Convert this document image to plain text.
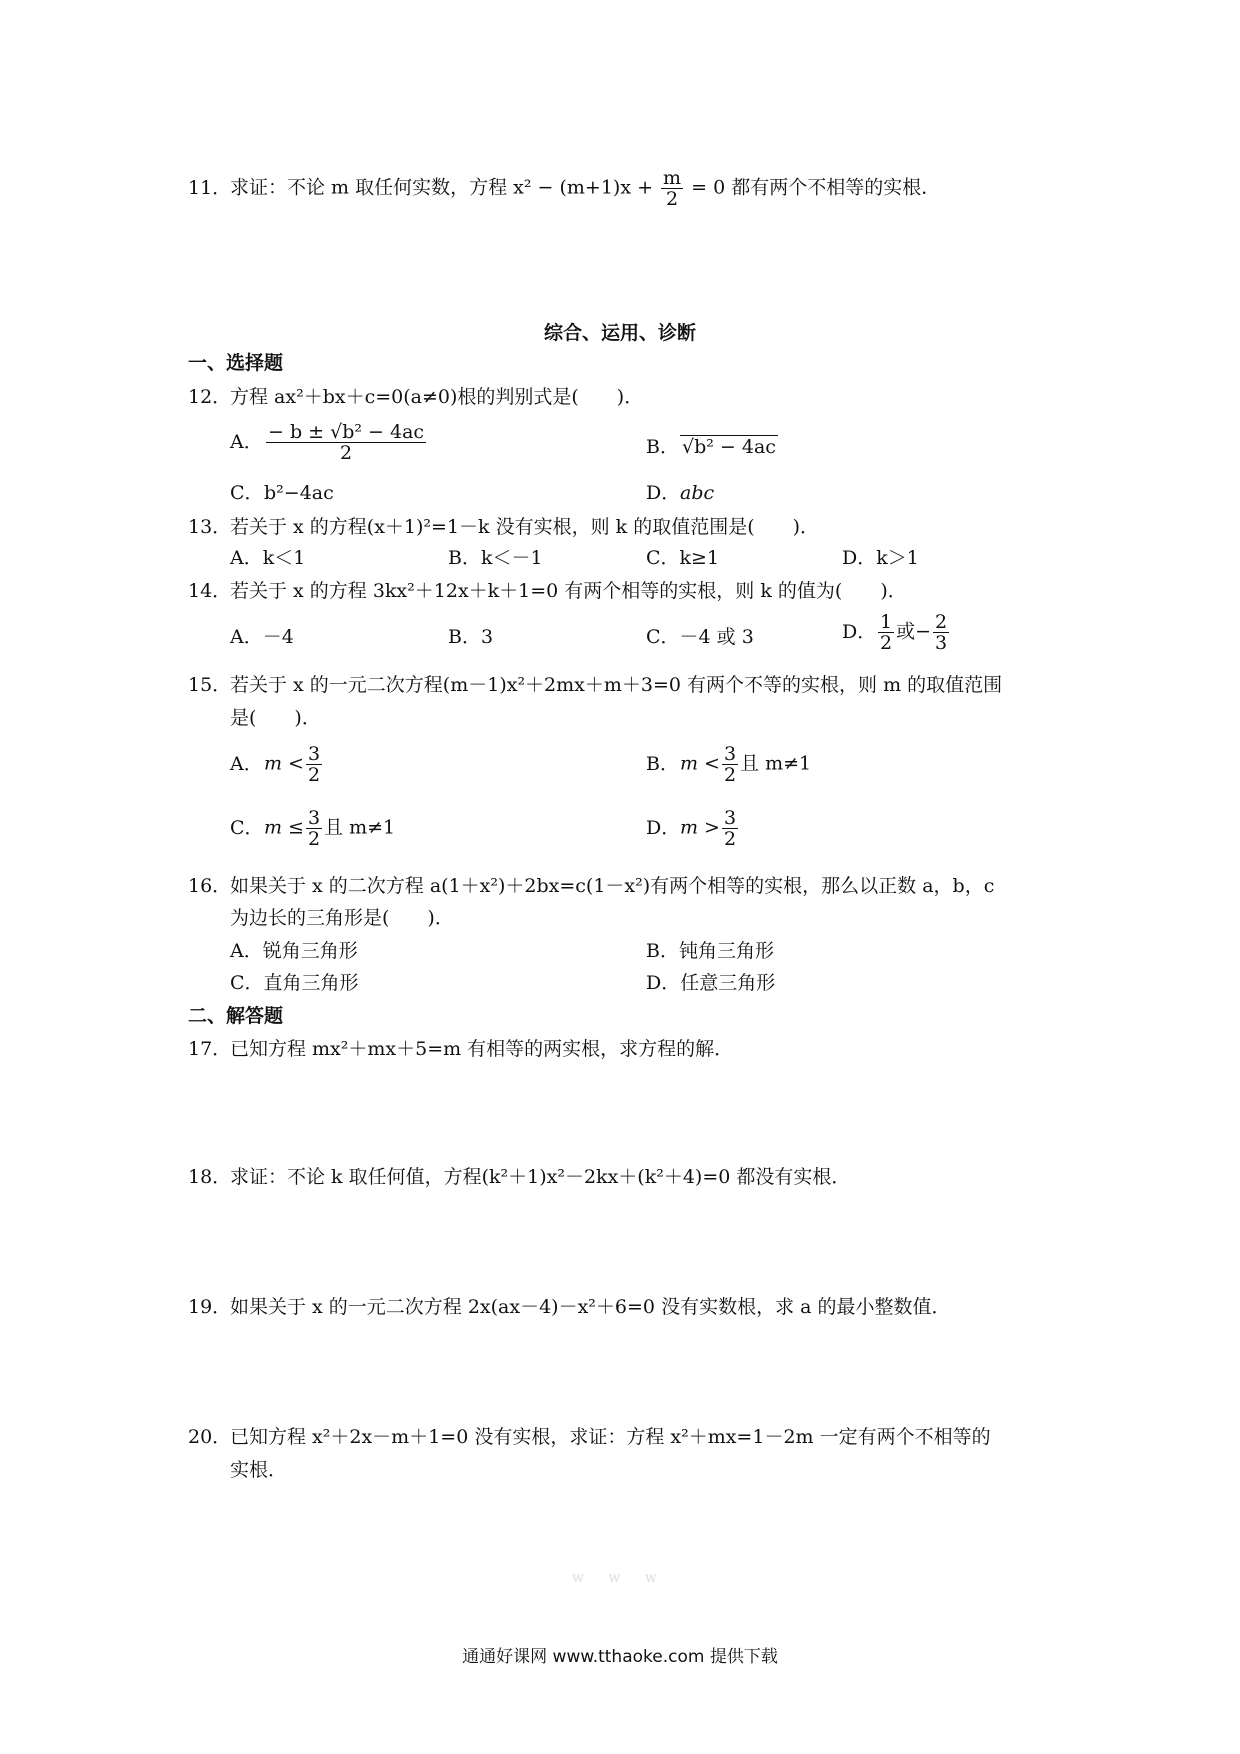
11．求证：不论 m 取任何实数，方程 $x^2 - (m+1)x + \frac{m}{2} = 0$ 都有两个不相等的实根．
综合、运用、诊断
一、选择题
12．方程 ax²＋bx＋c=0(a≠0)根的判别式是(　　)．
A． $\frac{\text{− b ± √b² − 4ac}}{2}$	B． √b² − 4ac
C．b²−4ac	D．abc
13．若关于 x 的方程(x＋1)²=1－k 没有实根，则 k 的取值范围是(　　)．
A．k＜1	B．k＜－1	C．k≥1	D．k＞1
14．若关于 x 的方程 3kx²＋12x＋k＋1=0 有两个相等的实根，则 k 的值为(　　)．
A．－4	B．3	C．－4 或 3	D． $\frac{1}{2}$ 或− $\frac{2}{3}$
15．若关于 x 的一元二次方程(m－1)x²＋2mx＋m＋3=0 有两个不等的实根，则 m 的取值范围
是(　　)．
A．$m < \frac{3}{2}$	B．$m < \frac{3}{2}$ 且 m≠1
C．$m \le \frac{3}{2}$ 且 m≠1	D．$m > \frac{3}{2}$
16．如果关于 x 的二次方程 a(1＋x²)＋2bx=c(1－x²)有两个相等的实根，那么以正数 a，b，c
为边长的三角形是(　　)．
A．锐角三角形	B．钝角三角形
C．直角三角形	D．任意三角形
二、解答题
17．已知方程 mx²＋mx＋5=m 有相等的两实根，求方程的解．
18．求证：不论 k 取任何值，方程(k²＋1)x²－2kx＋(k²＋4)=0 都没有实根．
19．如果关于 x 的一元二次方程 2x(ax－4)－x²＋6=0 没有实数根，求 a 的最小整数值．
20．已知方程 x²＋2x－m＋1=0 没有实根，求证：方程 x²＋mx=1－2m 一定有两个不相等的
实根．
w w w
通通好课网 www.tthaoke.com 提供下载
